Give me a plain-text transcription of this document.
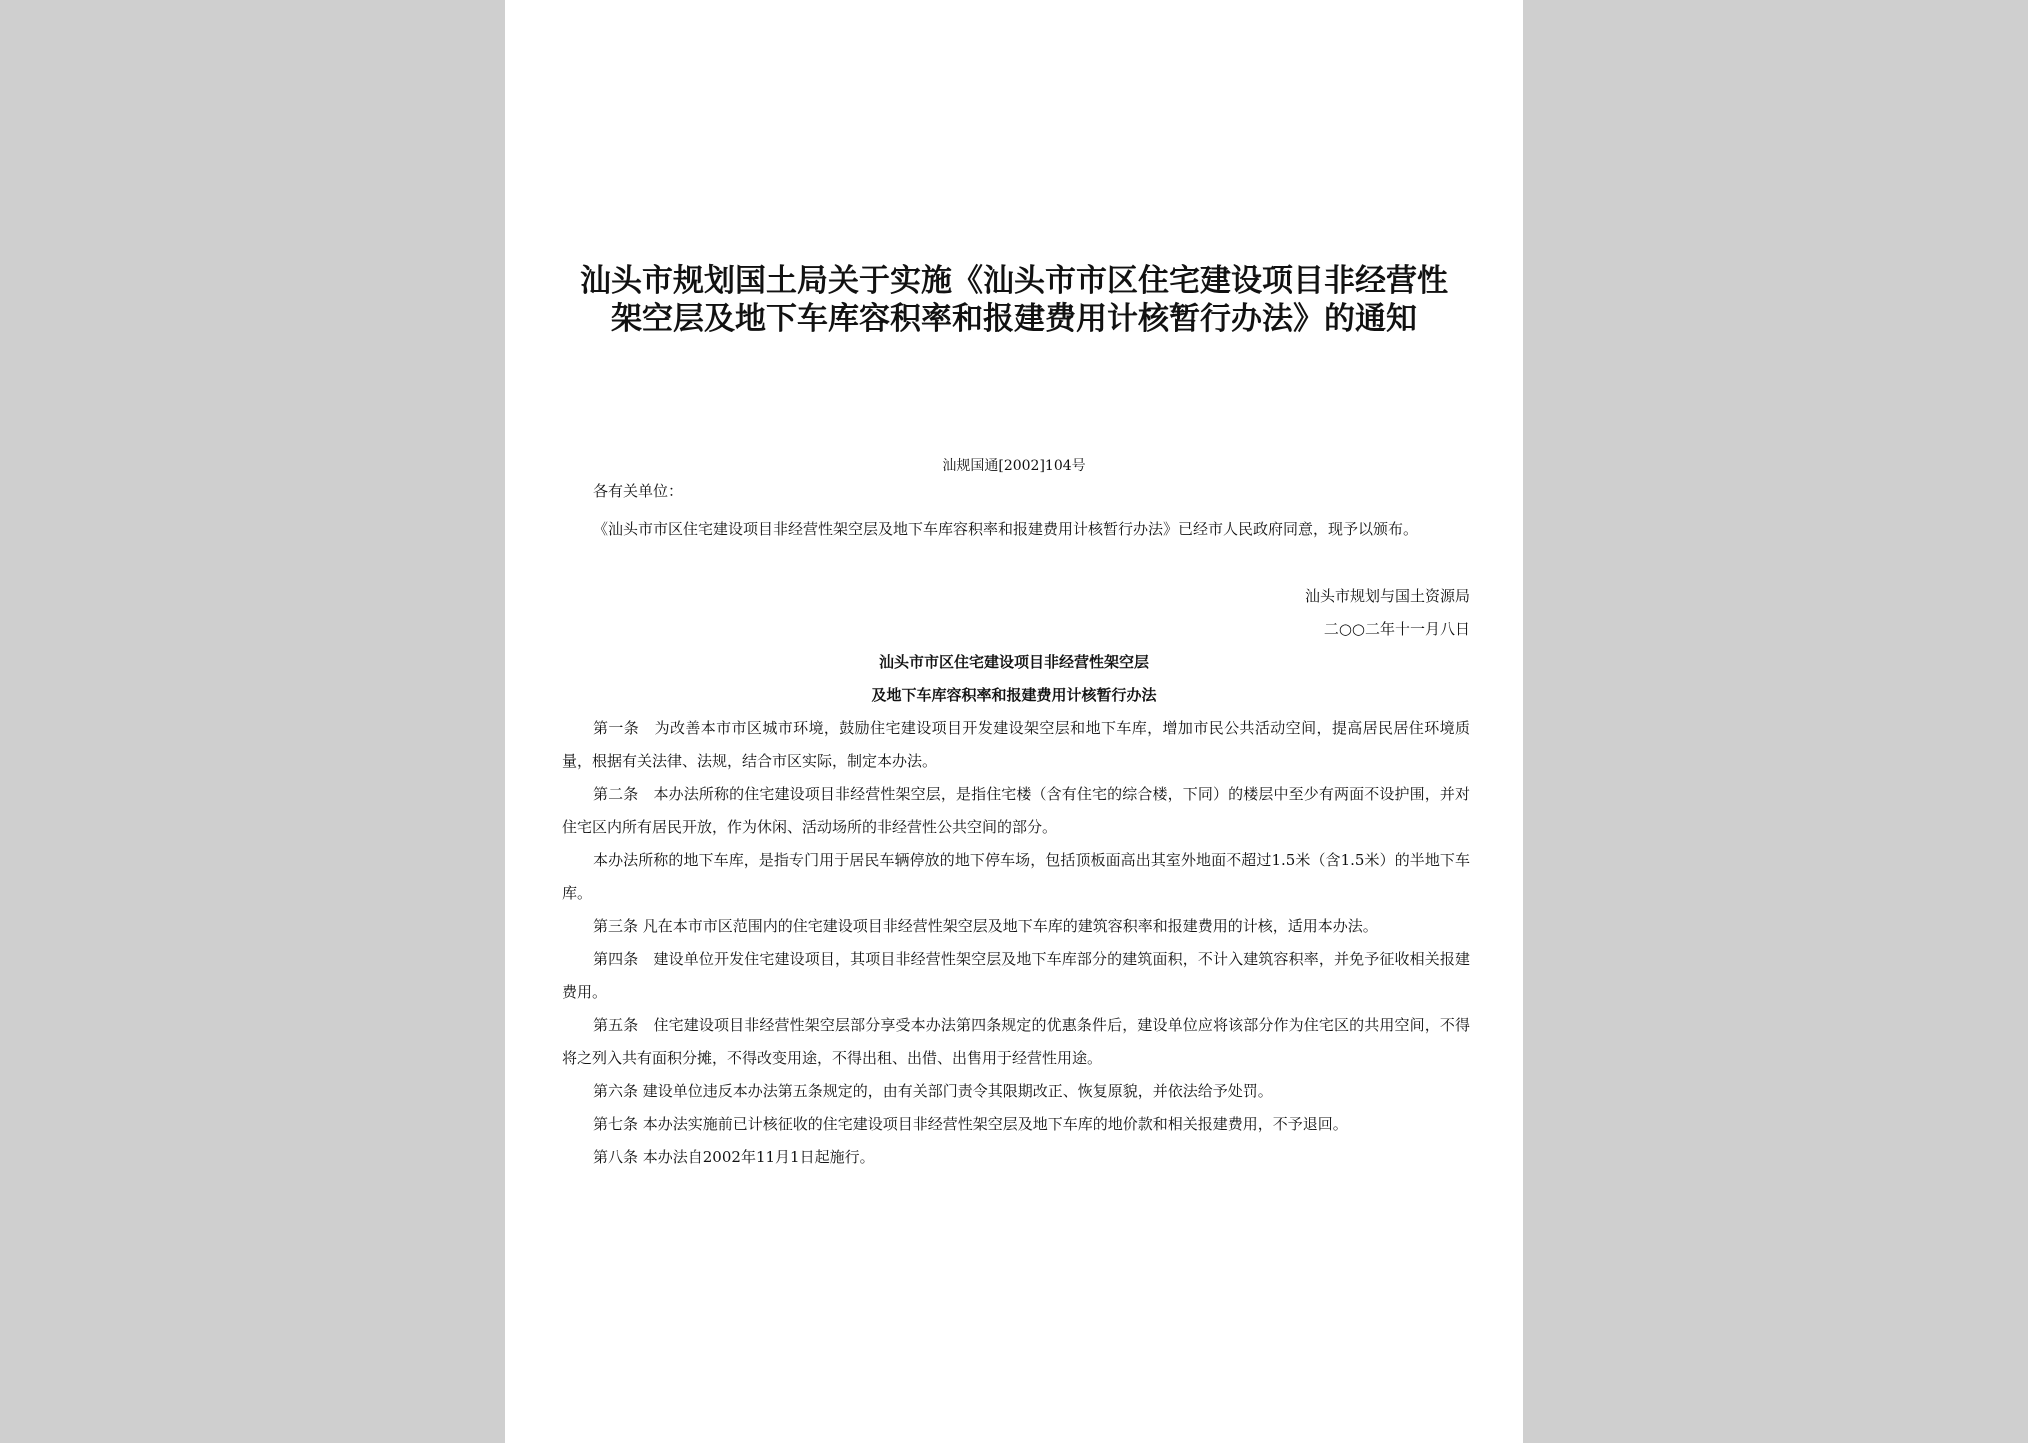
汕头市规划国土局关于实施《汕头市市区住宅建设项目非经营性架空层及地下车库容积率和报建费用计核暂行办法》的通知
汕规国通[2002]104号
各有关单位：

《汕头市市区住宅建设项目非经营性架空层及地下车库容积率和报建费用计核暂行办法》已经市人民政府同意，现予以颁布。

汕头市规划与国土资源局
二○○二年十一月八日
汕头市市区住宅建设项目非经营性架空层
及地下车库容积率和报建费用计核暂行办法

第一条　为改善本市市区城市环境，鼓励住宅建设项目开发建设架空层和地下车库，增加市民公共活动空间，提高居民居住环境质量，根据有关法律、法规，结合市区实际，制定本办法。

第二条　本办法所称的住宅建设项目非经营性架空层，是指住宅楼（含有住宅的综合楼，下同）的楼层中至少有两面不设护围，并对住宅区内所有居民开放，作为休闲、活动场所的非经营性公共空间的部分。

本办法所称的地下车库，是指专门用于居民车辆停放的地下停车场，包括顶板面高出其室外地面不超过1.5米（含1.5米）的半地下车库。

第三条 凡在本市市区范围内的住宅建设项目非经营性架空层及地下车库的建筑容积率和报建费用的计核，适用本办法。

第四条　建设单位开发住宅建设项目，其项目非经营性架空层及地下车库部分的建筑面积，不计入建筑容积率，并免予征收相关报建费用。

第五条　住宅建设项目非经营性架空层部分享受本办法第四条规定的优惠条件后，建设单位应将该部分作为住宅区的共用空间，不得将之列入共有面积分摊，不得改变用途，不得出租、出借、出售用于经营性用途。

第六条 建设单位违反本办法第五条规定的，由有关部门责令其限期改正、恢复原貌，并依法给予处罚。

第七条 本办法实施前已计核征收的住宅建设项目非经营性架空层及地下车库的地价款和相关报建费用，不予退回。

第八条 本办法自2002年11月1日起施行。
